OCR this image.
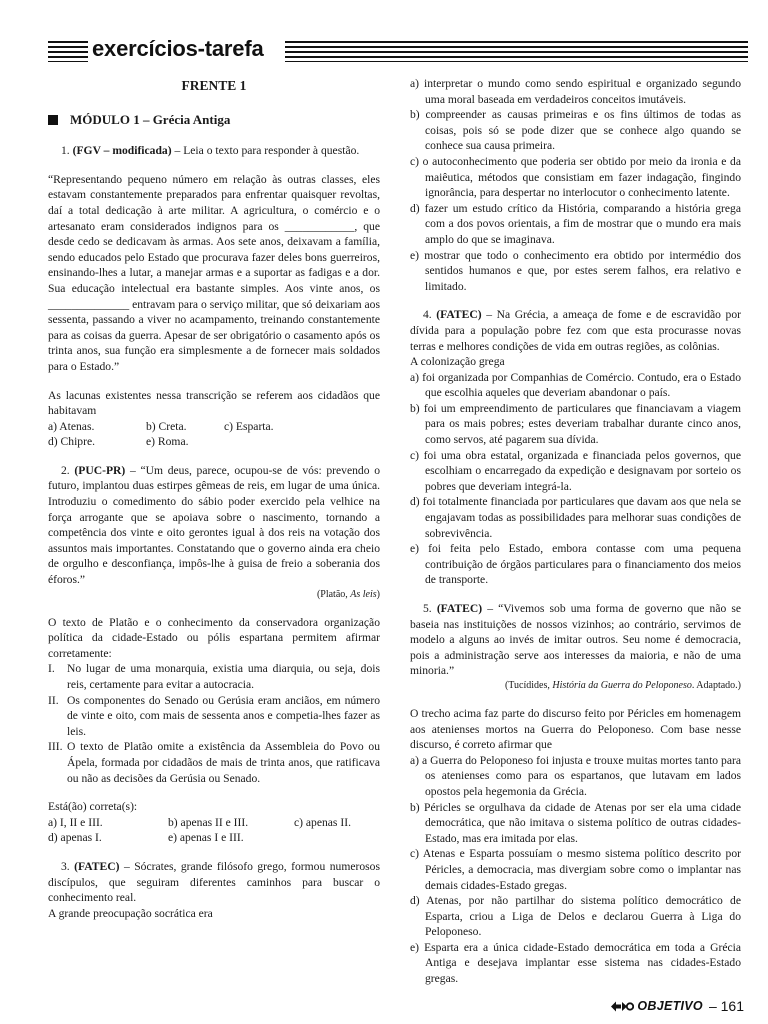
exercícios-tarefa

FRENTE 1

MÓDULO 1 – Grécia Antiga

1. (FGV – modificada) – Leia o texto para responder à questão.

“Representando pequeno número em relação às outras classes, eles estavam constantemente preparados para enfrentar quaisquer revoltas, daí a total dedicação à arte militar. A agricultura, o comércio e o artesanato eram considerados indignos para os ____________, que desde cedo se dedicavam às armas. Aos sete anos, deixavam a família, sendo educados pelo Estado que procurava fazer deles bons guerreiros, ensinando-lhes a lutar, a manejar armas e a suportar as fadigas e a dor. Sua educação intelectual era bastante simples. Aos vinte anos, os ______________ entravam para o serviço militar, que só deixariam aos sessenta, passando a viver no acampamento, treinando constantemente para as coisas da guerra. Apesar de ser obrigatório o casamento após os trinta anos, sua função era simplesmente a de fornecer mais soldados para o Estado.”

As lacunas existentes nessa transcrição se referem aos cidadãos que habitavam

a) Atenas.	b) Creta.	c) Esparta.
d) Chipre.	e) Roma.

2. (PUC-PR) – “Um deus, parece, ocupou-se de vós: prevendo o futuro, implantou duas estirpes gêmeas de reis, em lugar de uma única. Introduziu o comedimento do sábio poder exercido pela velhice na força arrogante que se apoiava sobre o nascimento, tornando a competência dos vinte e oito gerontes igual à dos reis na votação dos assuntos mais importantes. Constatando que o governo ainda era cheio de orgulho e desconfiança, impôs-lhe à guisa de freio a soberania dos éforos.”

(Platão, As leis)

O texto de Platão e o conhecimento da conservadora organização política da cidade-Estado ou pólis espartana permitem afirmar corretamente:

I. No lugar de uma monarquia, existia uma diarquia, ou seja, dois reis, certamente para evitar a autocracia.

II. Os componentes do Senado ou Gerúsia eram anciãos, em número de vinte e oito, com mais de sessenta anos e competia-lhes fazer as leis.

III. O texto de Platão omite a existência da Assembleia do Povo ou Ápela, formada por cidadãos de mais de trinta anos, que ratificava ou não as decisões da Gerúsia ou Senado.

Está(ão) correta(s):

a) I, II e III.	b) apenas II e III.	c) apenas II.
d) apenas I.	e) apenas I e III.

3. (FATEC) – Sócrates, grande filósofo grego, formou numerosos discípulos, que seguiram diferentes caminhos para buscar o conhecimento real.

A grande preocupação socrática era

a) interpretar o mundo como sendo espiritual e organizado segundo uma moral baseada em verdadeiros conceitos imutáveis.

b) compreender as causas primeiras e os fins últimos de todas as coisas, pois só se pode dizer que se conhece algo quando se conhece sua causa primeira.

c) o autoconhecimento que poderia ser obtido por meio da ironia e da maiêutica, métodos que consistiam em fazer indagação, fingindo ignorância, para despertar no interlocutor o conhecimento latente.

d) fazer um estudo crítico da História, comparando a história grega com a dos povos orientais, a fim de mostrar que o mundo era mais amplo do que se imaginava.

e) mostrar que todo o conhecimento era obtido por intermédio dos sentidos humanos e que, por estes serem falhos, era relativo e limitado.

4. (FATEC) – Na Grécia, a ameaça de fome e de escravidão por dívida para a população pobre fez com que esta procurasse novas terras e melhores condições de vida em outras regiões, as colônias.

A colonização grega

a) foi organizada por Companhias de Comércio. Contudo, era o Estado que escolhia aqueles que deveriam abandonar o país.

b) foi um empreendimento de particulares que financiavam a viagem para os mais pobres; estes deveriam trabalhar durante cinco anos, como servos, até pagarem sua dívida.

c) foi uma obra estatal, organizada e financiada pelos governos, que escolhiam o encarregado da expedição e designavam por sorteio os pobres que deveriam integrá-la.

d) foi totalmente financiada por particulares que davam aos que nela se engajavam todas as possibilidades para melhorar suas condições de sobrevivência.

e) foi feita pelo Estado, embora contasse com uma pequena contribuição de órgãos particulares para o financiamento dos meios de transporte.

5. (FATEC) – “Vivemos sob uma forma de governo que não se baseia nas instituições de nossos vizinhos; ao contrário, servimos de modelo a alguns ao invés de imitar outros. Seu nome é democracia, pois a administração serve aos interesses da maioria, e não de uma minoria.”

(Tucídides, História da Guerra do Peloponeso. Adaptado.)

O trecho acima faz parte do discurso feito por Péricles em homenagem aos atenienses mortos na Guerra do Peloponeso. Com base nesse discurso, é correto afirmar que

a) a Guerra do Peloponeso foi injusta e trouxe muitas mortes tanto para os atenienses como para os espartanos, que lutavam em lados opostos pela hegemonia da Grécia.

b) Péricles se orgulhava da cidade de Atenas por ser ela uma cidade democrática, que não imitava o sistema político de outras cidades-Estado, mas era imitada por elas.

c) Atenas e Esparta possuíam o mesmo sistema político descrito por Péricles, a democracia, mas divergiam sobre como o implantar nas demais cidades-Estado gregas.

d) Atenas, por não partilhar do sistema político democrático de Esparta, criou a Liga de Delos e declarou Guerra à Liga do Peloponeso.

e) Esparta era a única cidade-Estado democrática em toda a Grécia Antiga e desejava implantar esse sistema nas cidades-Estado gregas.

OBJETIVO – 161
